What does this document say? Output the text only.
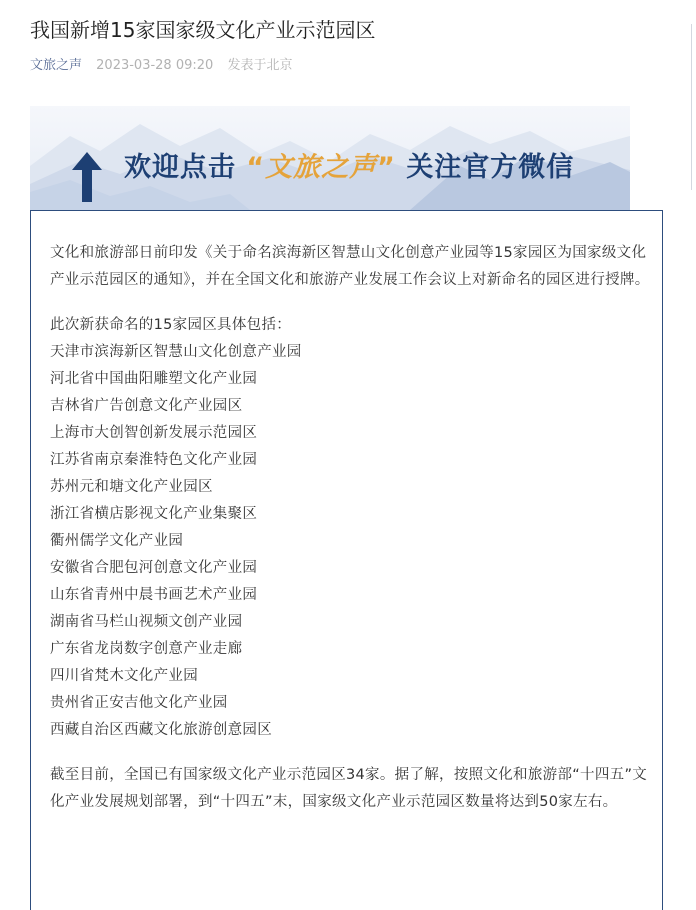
我国新增15家国家级文化产业示范园区
文旅之声 2023-03-28 09:20 发表于北京
欢迎点击 “文旅之声” 关注官方微信

文化和旅游部日前印发《关于命名滨海新区智慧山文化创意产业园等15家园区为国家级文化产业示范园区的通知》，并在全国文化和旅游产业发展工作会议上对新命名的园区进行授牌。

此次新获命名的15家园区具体包括：

天津市滨海新区智慧山文化创意产业园
河北省中国曲阳雕塑文化产业园
吉林省广告创意文化产业园区
上海市大创智创新发展示范园区
江苏省南京秦淮特色文化产业园
苏州元和塘文化产业园区
浙江省横店影视文化产业集聚区
衢州儒学文化产业园
安徽省合肥包河创意文化产业园
山东省青州中晨书画艺术产业园
湖南省马栏山视频文创产业园
广东省龙岗数字创意产业走廊
四川省梵木文化产业园
贵州省正安吉他文化产业园
西藏自治区西藏文化旅游创意园区

截至目前，全国已有国家级文化产业示范园区34家。据了解，按照文化和旅游部“十四五”文化产业发展规划部署，到“十四五”末，国家级文化产业示范园区数量将达到50家左右。
